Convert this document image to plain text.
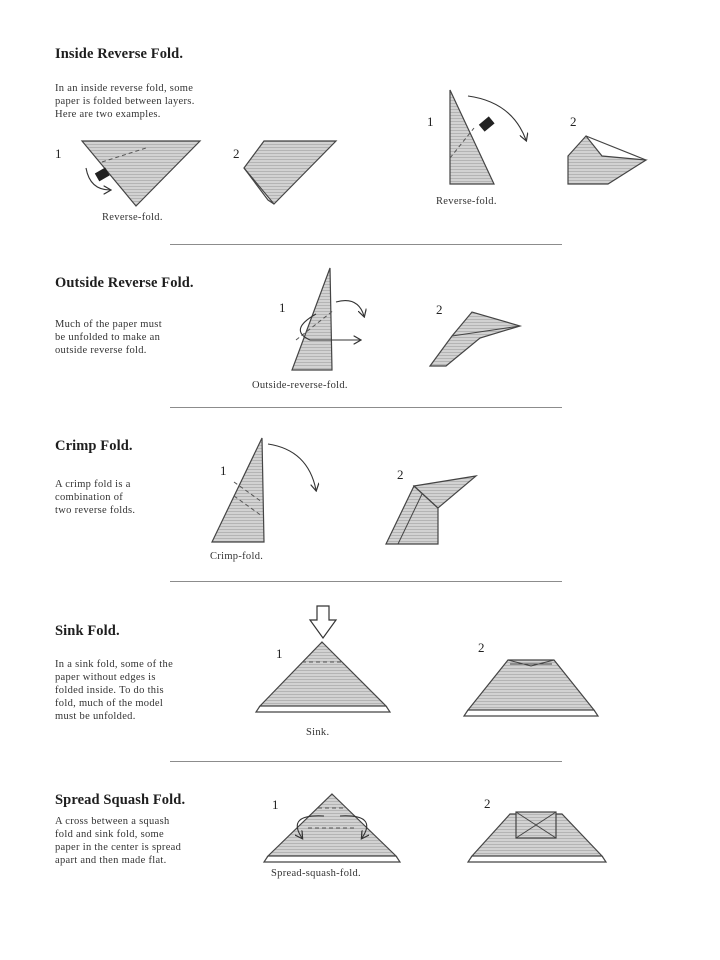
Inside Reverse Fold.
In an inside reverse fold, some
paper is folded between layers.
Here are two examples.
1
Reverse-fold.
2
1
Reverse-fold.
2
Outside Reverse Fold.
Much of the paper must
be unfolded to make an
outside reverse fold.
1
Outside-reverse-fold.
2
Crimp Fold.
A crimp fold is a
combination of
two reverse folds.
1
Crimp-fold.
2
Sink Fold.
In a sink fold, some of the
paper without edges is
folded inside. To do this
fold, much of the model
must be unfolded.
1
Sink.
2
Spread Squash Fold.
A cross between a squash
fold and sink fold, some
paper in the center is spread
apart and then made flat.
1
Spread-squash-fold.
2
